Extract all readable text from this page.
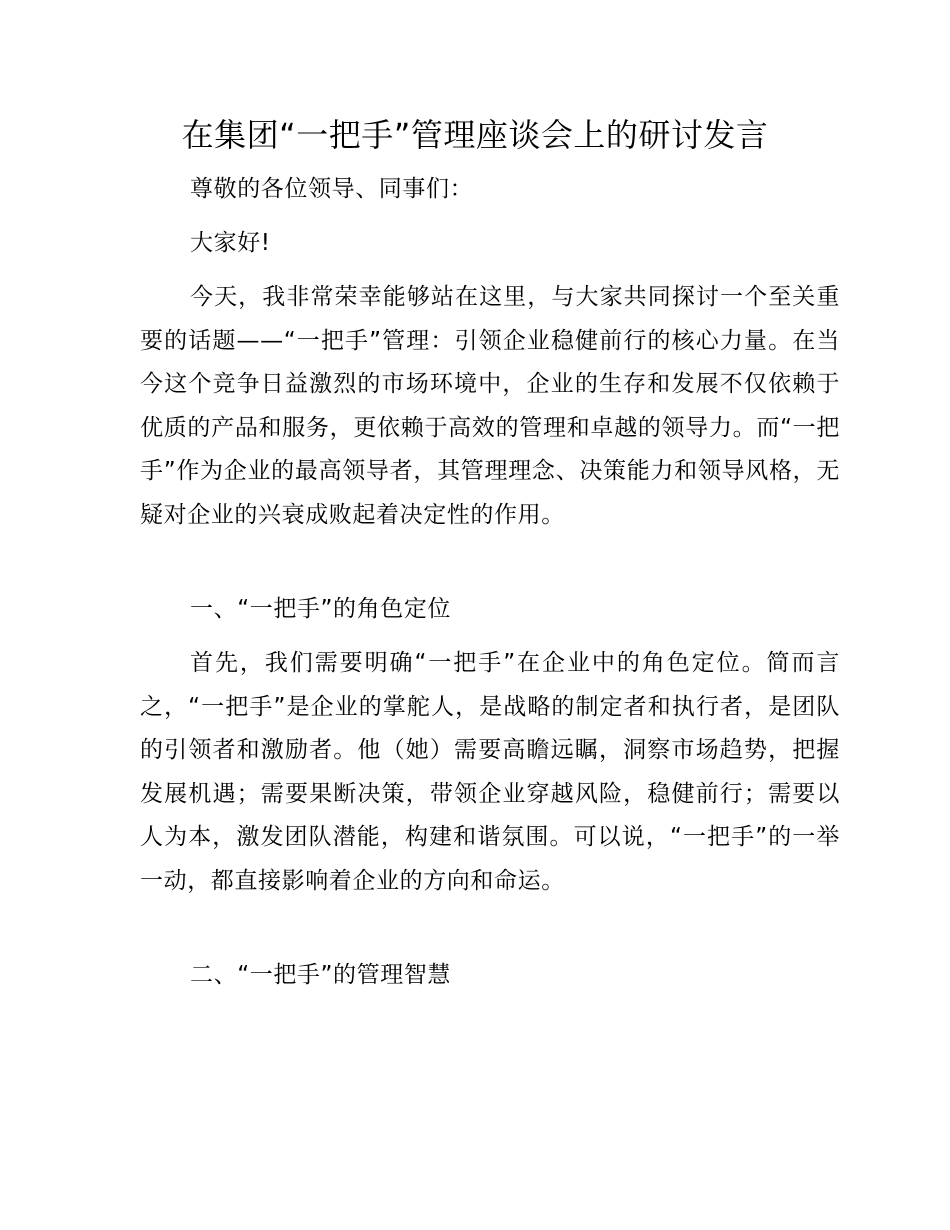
在集团“一把手”管理座谈会上的研讨发言

尊敬的各位领导、同事们：

大家好!

今天，我非常荣幸能够站在这里，与大家共同探讨一个至关重要的话题——“一把手”管理：引领企业稳健前行的核心力量。在当今这个竞争日益激烈的市场环境中，企业的生存和发展不仅依赖于优质的产品和服务，更依赖于高效的管理和卓越的领导力。而“一把手”作为企业的最高领导者，其管理理念、决策能力和领导风格，无疑对企业的兴衰成败起着决定性的作用。

一、“一把手”的角色定位

首先，我们需要明确“一把手”在企业中的角色定位。简而言之，“一把手”是企业的掌舵人，是战略的制定者和执行者，是团队的引领者和激励者。他（她）需要高瞻远瞩，洞察市场趋势，把握发展机遇；需要果断决策，带领企业穿越风险，稳健前行；需要以人为本，激发团队潜能，构建和谐氛围。可以说，“一把手”的一举一动，都直接影响着企业的方向和命运。

二、“一把手”的管理智慧
